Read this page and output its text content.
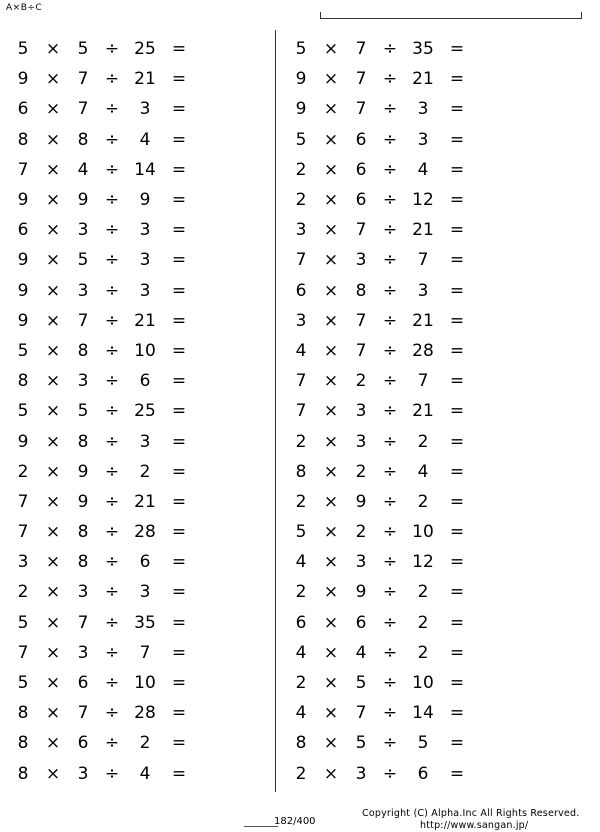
A×B÷C
5	×	5 ÷ 25 =
9	×	7 ÷ 21 =
6	×	7 ÷	3	=
8	×	8 ÷	4	=
7	×	4 ÷ 14 =
9	×	9 ÷	9	=
6	×	3 ÷	3	=
9	×	5 ÷	3	=
9	×	3 ÷	3	=
9	×	7 ÷ 21 =
5	×	8 ÷ 10 =
8	×	3 ÷	6	=
5	×	5 ÷ 25 =
9	×	8 ÷	3	=
2	×	9 ÷	2	=
7	×	9 ÷ 21 =
7	×	8 ÷ 28 =
3	×	8 ÷	6	=
2	×	3 ÷	3	=
5	×	7 ÷ 35 =
7	×	3 ÷	7	=
5	×	6 ÷ 10 =
8	×	7 ÷ 28 =
8	×	6 ÷	2	=
8	×	3 ÷	4	=
5	×	7 ÷ 35 =
9	×	7 ÷ 21 =
9	×	7 ÷	3	=
5	×	6 ÷	3	=
2	×	6 ÷	4	=
2	×	6 ÷ 12 =
3	×	7 ÷ 21 =
7	×	3 ÷	7	=
6	×	8 ÷	3	=
3	×	7 ÷ 21 =
4	×	7 ÷ 28 =
7	×	2 ÷	7	=
7	×	3 ÷ 21 =
2	×	3 ÷	2	=
8	×	2 ÷	4	=
2	×	9 ÷	2	=
5	×	2 ÷ 10 =
4	×	3 ÷ 12 =
2	×	9 ÷	2	=
6	×	6 ÷	2	=
4	×	4 ÷	2	=
2	×	5 ÷ 10 =
4	×	7 ÷ 14 =
8	×	5 ÷	5	=
2	×	3 ÷	6	=
182/400
Copyright (C) Alpha.Inc All Rights Reserved.
http://www.sangan.jp/
